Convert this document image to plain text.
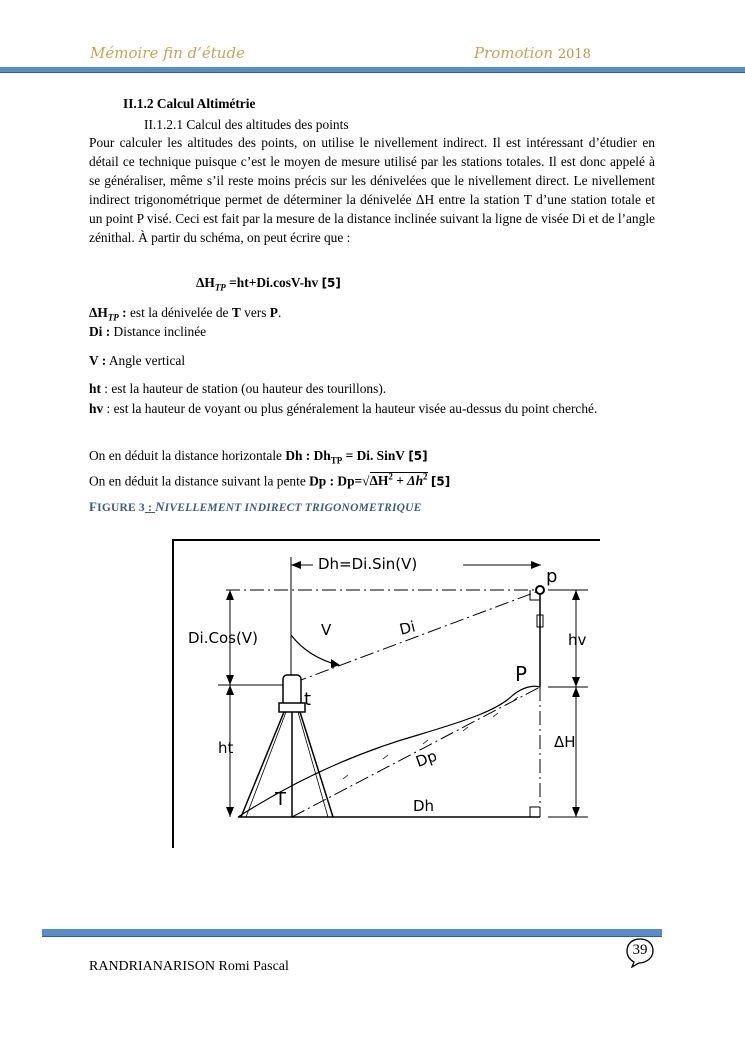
Mémoire fin d’étude	Promotion 2018
II.1.2 Calcul Altimétrie
II.1.2.1 Calcul des altitudes des points
Pour calculer les altitudes des points, on utilise le nivellement indirect. Il est intéressant d’étudier en détail ce technique puisque c’est le moyen de mesure utilisé par les stations totales. Il est donc appelé à se généraliser, même s’il reste moins précis sur les dénivelées que le nivellement direct. Le nivellement indirect trigonométrique permet de déterminer la dénivelée ΔH entre la station T d’une station totale et un point P visé. Ceci est fait par la mesure de la distance inclinée suivant la ligne de visée Di et de l’angle zénithal. À partir du schéma, on peut écrire que :
$\Delta H_{TP} =ht+Di.\cos V-hv$ [5]
$\Delta H_{TP}$ : est la dénivelée de T vers P.
Di : Distance inclinée
V : Angle vertical
ht : est la hauteur de station (ou hauteur des tourillons).
hv : est la hauteur de voyant ou plus généralement la hauteur visée au-dessus du point cherché.
On en déduit la distance horizontale Dh : $Dh_{TP} = Di$. SinV [5]
On en déduit la distance suivant la pente Dp : $Dp=√\Delta H^2 + \Delta h^2$ [5]
FIGURE 3 : NIVELLEMENT INDIRECT TRIGONOMETRIQUE
Dh=Di.Sin(V)
p
Di.Cos(V)
ht
V	Di
t
T
Dp
P
Dh
hv
ΔH
39
RANDRIANARISON Romi Pascal
